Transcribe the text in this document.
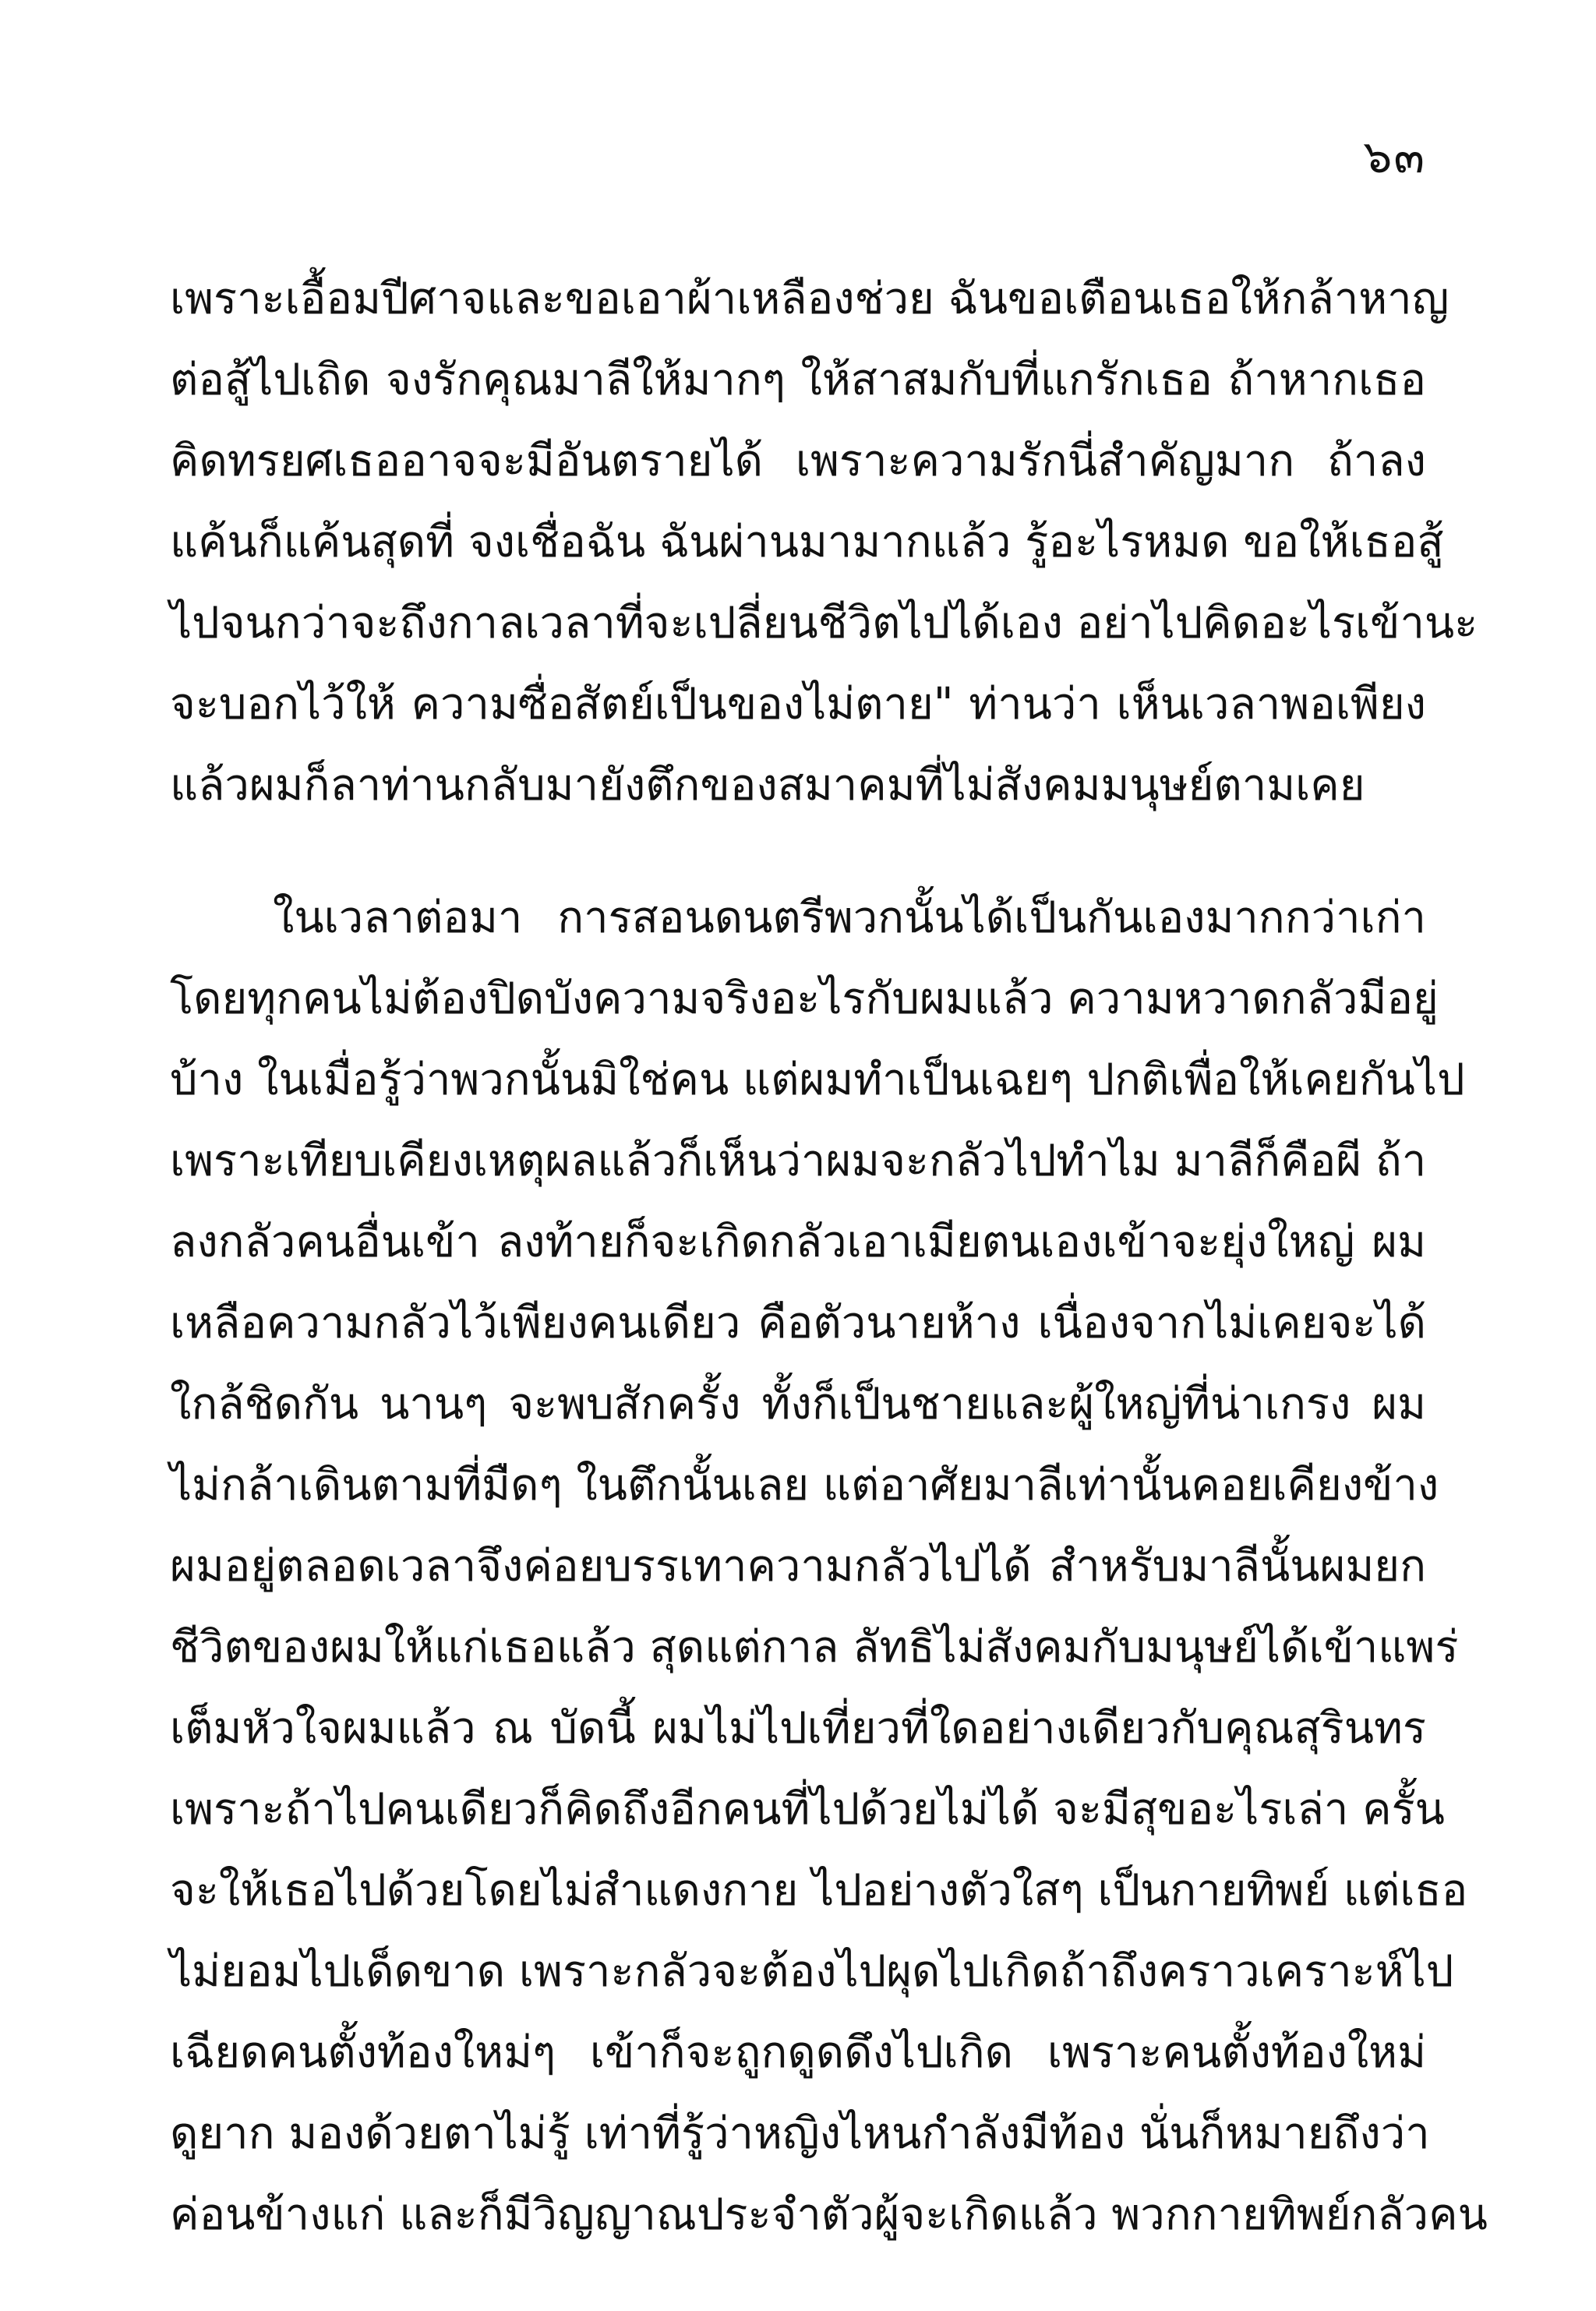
๖๓
เพราะเอื้อมปีศาจและขอเอาผ้าเหลืองช่วย ฉันขอเตือนเธอให้กล้าหาญ
ต่อสู้ไปเถิด จงรักคุณมาลีให้มากๆ ให้สาสมกับที่แกรักเธอ ถ้าหากเธอ
คิดทรยศเธออาจจะมีอันตรายได้ เพราะความรักนี่สำคัญมาก ถ้าลง
แค้นก็แค้นสุดที่ จงเชื่อฉัน ฉันผ่านมามากแล้ว รู้อะไรหมด ขอให้เธอสู้
ไปจนกว่าจะถึงกาลเวลาที่จะเปลี่ยนชีวิตไปได้เอง อย่าไปคิดอะไรเข้านะ
จะบอกไว้ให้ ความซื่อสัตย์เป็นของไม่ตาย" ท่านว่า เห็นเวลาพอเพียง
แล้วผมก็ลาท่านกลับมายังตึกของสมาคมที่ไม่สังคมมนุษย์ตามเคย
ในเวลาต่อมา การสอนดนตรีพวกนั้นได้เป็นกันเองมากกว่าเก่า
โดยทุกคนไม่ต้องปิดบังความจริงอะไรกับผมแล้ว ความหวาดกลัวมีอยู่
บ้าง ในเมื่อรู้ว่าพวกนั้นมิใช่คน แต่ผมทำเป็นเฉยๆ ปกติเพื่อให้เคยกันไป
เพราะเทียบเคียงเหตุผลแล้วก็เห็นว่าผมจะกลัวไปทำไม มาลีก็คือผี ถ้า
ลงกลัวคนอื่นเข้า ลงท้ายก็จะเกิดกลัวเอาเมียตนเองเข้าจะยุ่งใหญ่ ผม
เหลือความกลัวไว้เพียงคนเดียว คือตัวนายห้าง เนื่องจากไม่เคยจะได้
ใกล้ชิดกัน นานๆ จะพบสักครั้ง ทั้งก็เป็นชายและผู้ใหญ่ที่น่าเกรง ผม
ไม่กล้าเดินตามที่มืดๆ ในตึกนั้นเลย แต่อาศัยมาลีเท่านั้นคอยเคียงข้าง
ผมอยู่ตลอดเวลาจึงค่อยบรรเทาความกลัวไปได้ สำหรับมาลีนั้นผมยก
ชีวิตของผมให้แก่เธอแล้ว สุดแต่กาล ลัทธิไม่สังคมกับมนุษย์ได้เข้าแพร่
เต็มหัวใจผมแล้ว ณ บัดนี้ ผมไม่ไปเที่ยวที่ใดอย่างเดียวกับคุณสุรินทร
เพราะถ้าไปคนเดียวก็คิดถึงอีกคนที่ไปด้วยไม่ได้ จะมีสุขอะไรเล่า ครั้น
จะให้เธอไปด้วยโดยไม่สำแดงกาย ไปอย่างตัวใสๆ เป็นกายทิพย์ แต่เธอ
ไม่ยอมไปเด็ดขาด เพราะกลัวจะต้องไปผุดไปเกิดถ้าถึงคราวเคราะห์ไป
เฉียดคนตั้งท้องใหม่ๆ เข้าก็จะถูกดูดดึงไปเกิด เพราะคนตั้งท้องใหม่
ดูยาก มองด้วยตาไม่รู้ เท่าที่รู้ว่าหญิงไหนกำลังมีท้อง นั่นก็หมายถึงว่า
ค่อนข้างแก่ และก็มีวิญญาณประจำตัวผู้จะเกิดแล้ว พวกกายทิพย์กลัวคน
